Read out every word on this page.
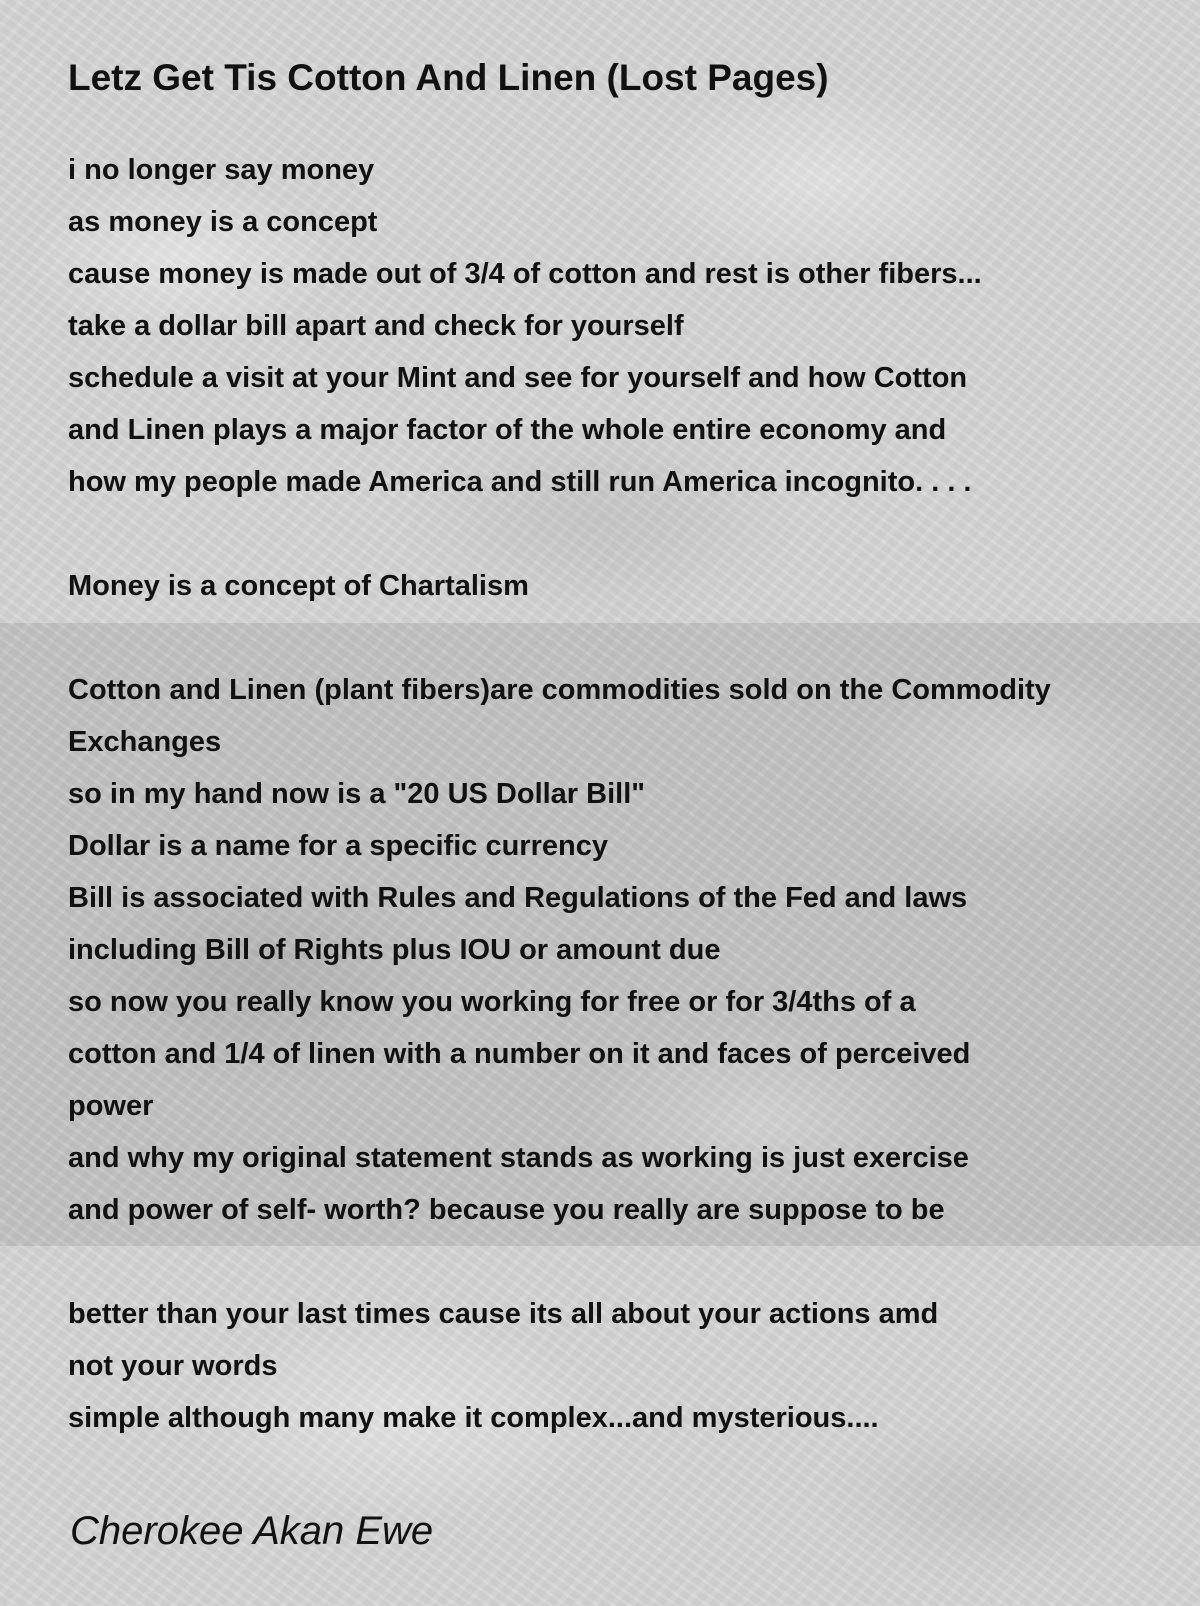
Letz Get Tis Cotton And Linen (Lost Pages)
i no longer say money
as money is a concept
cause money is made out of 3/4 of cotton and rest is other fibers...
take a dollar bill apart and check for yourself
schedule a visit at your Mint and see for yourself and how Cotton
and Linen plays a major factor of the whole entire economy and
how my people made America and still run America incognito. . . .
Money is a concept of Chartalism
Cotton and Linen (plant fibers)are commodities sold on the Commodity
Exchanges
so in my hand now is a "20 US Dollar Bill"
Dollar is a name for a specific currency
Bill is associated with Rules and Regulations of the Fed and laws
including Bill of Rights plus IOU or amount due
so now you really know you working for free or for 3/4ths of a
cotton and 1/4 of linen with a number on it and faces of perceived
power
and why my original statement stands as working is just exercise
and power of self- worth? because you really are suppose to be
better than your last times cause its all about your actions amd
not your words
simple although many make it complex...and mysterious....
Cherokee Akan Ewe
